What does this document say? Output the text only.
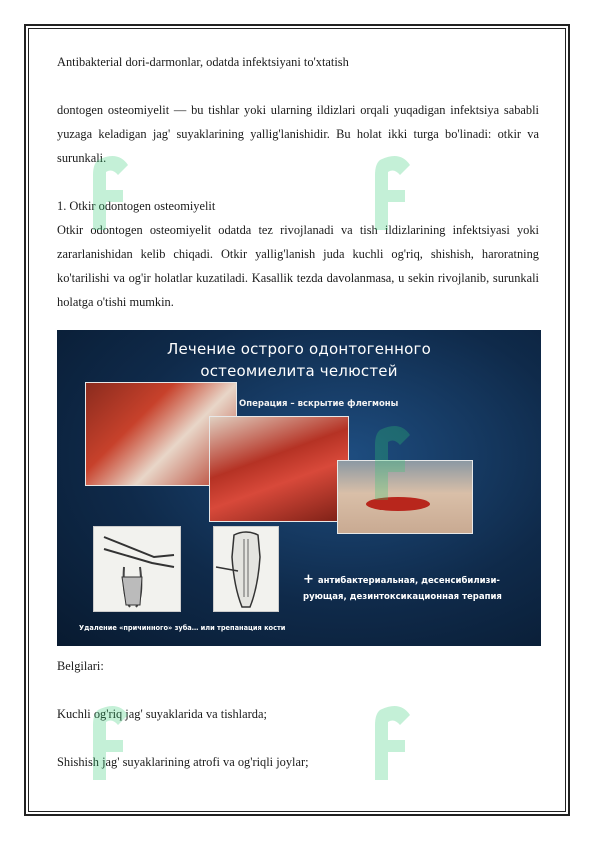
Antibakterial dori-darmonlar, odatda infektsiyani to'xtatish

dontogen osteomiyelit — bu tishlar yoki ularning ildizlari orqali yuqadigan infektsiya sababli yuzaga keladigan jag' suyaklarining yallig'lanishidir. Bu holat ikki turga bo'linadi: otkir va surunkali.

1. Otkir odontogen osteomiyelit

Otkir odontogen osteomiyelit odatda tez rivojlanadi va tish ildizlarining infektsiyasi yoki zararlanishidan kelib chiqadi. Otkir yallig'lanish juda kuchli og'riq, shishish, haroratning ko'tarilishi va og'ir holatlar kuzatiladi. Kasallik tezda davolanmasa, u sekin rivojlanib, surunkali holatga o'tishi mumkin.

Лечение острого одонтогенного
остеомиелита челюстей
Операция – вскрытие флегмоны
+ антибактериальная, десенсибилизи-
рующая, дезинтоксикационная терапия
Удаление «причинного» зуба… или трепанация кости

Belgilari:

Kuchli og'riq jag' suyaklarida va tishlarda;

Shishish jag' suyaklarining atrofi va og'riqli joylar;
